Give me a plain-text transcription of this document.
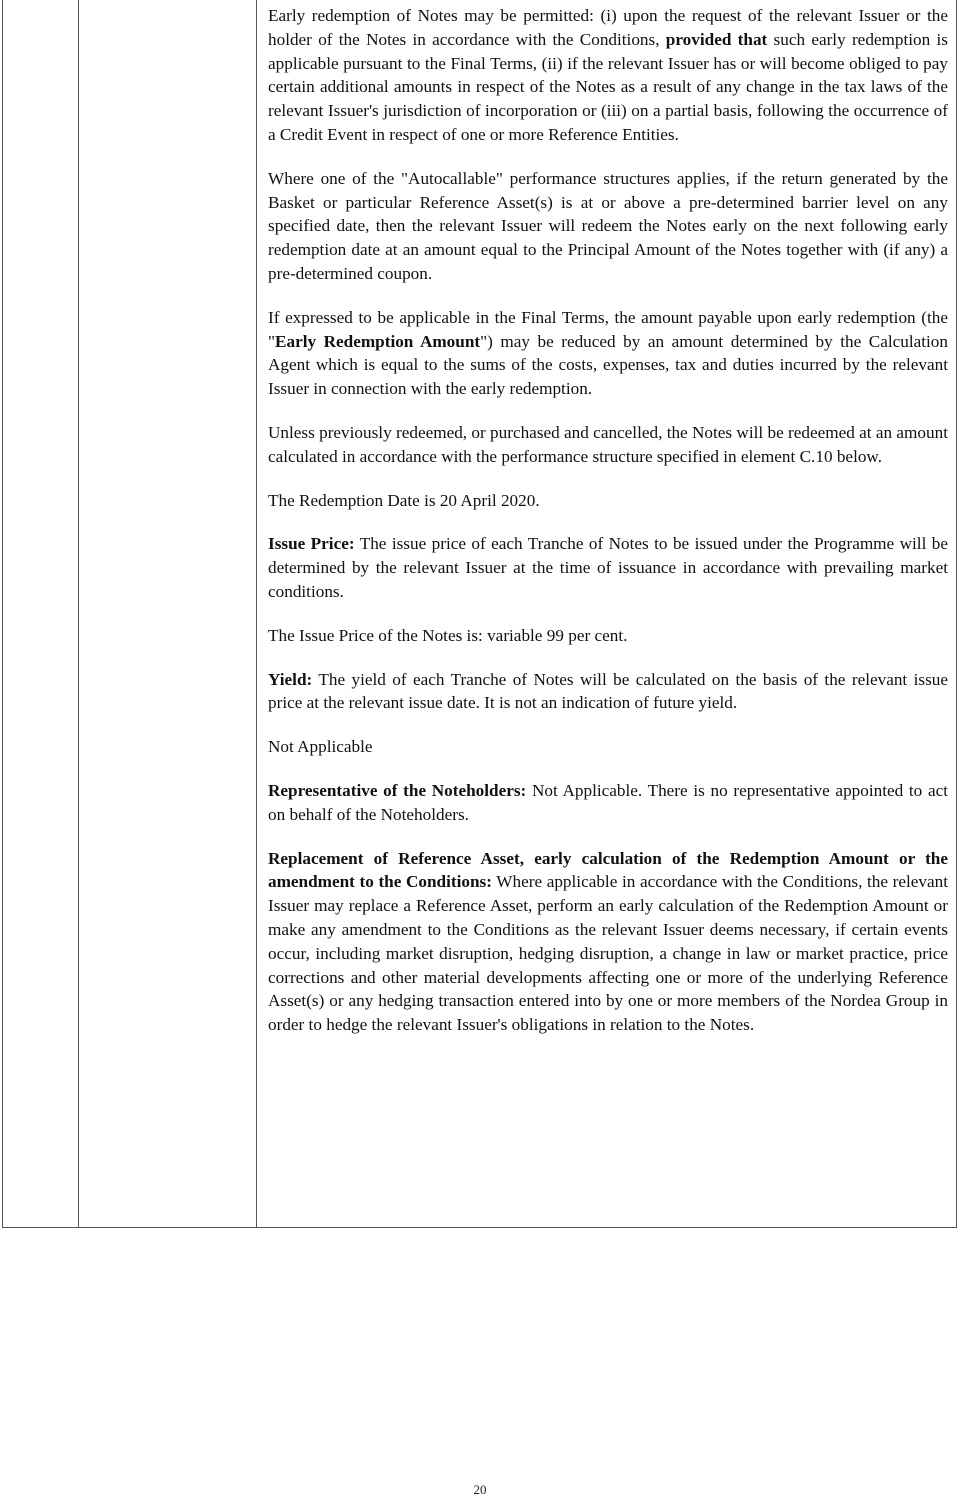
Early redemption of Notes may be permitted: (i) upon the request of the relevant Issuer or the holder of the Notes in accordance with the Conditions, provided that such early redemption is applicable pursuant to the Final Terms, (ii) if the relevant Issuer has or will become obliged to pay certain additional amounts in respect of the Notes as a result of any change in the tax laws of the relevant Issuer's jurisdiction of incorporation or (iii) on a partial basis, following the occurrence of a Credit Event in respect of one or more Reference Entities.

Where one of the "Autocallable" performance structures applies, if the return generated by the Basket or particular Reference Asset(s) is at or above a pre-determined barrier level on any specified date, then the relevant Issuer will redeem the Notes early on the next following early redemption date at an amount equal to the Principal Amount of the Notes together with (if any) a pre-determined coupon.

If expressed to be applicable in the Final Terms, the amount payable upon early redemption (the "Early Redemption Amount") may be reduced by an amount determined by the Calculation Agent which is equal to the sums of the costs, expenses, tax and duties incurred by the relevant Issuer in connection with the early redemption.

Unless previously redeemed, or purchased and cancelled, the Notes will be redeemed at an amount calculated in accordance with the performance structure specified in element C.10 below.

The Redemption Date is 20 April 2020.

Issue Price: The issue price of each Tranche of Notes to be issued under the Programme will be determined by the relevant Issuer at the time of issuance in accordance with prevailing market conditions.

The Issue Price of the Notes is: variable 99 per cent.

Yield: The yield of each Tranche of Notes will be calculated on the basis of the relevant issue price at the relevant issue date. It is not an indication of future yield.

Not Applicable

Representative of the Noteholders: Not Applicable. There is no representative appointed to act on behalf of the Noteholders.

Replacement of Reference Asset, early calculation of the Redemption Amount or the amendment to the Conditions: Where applicable in accordance with the Conditions, the relevant Issuer may replace a Reference Asset, perform an early calculation of the Redemption Amount or make any amendment to the Conditions as the relevant Issuer deems necessary, if certain events occur, including market disruption, hedging disruption, a change in law or market practice, price corrections and other material developments affecting one or more of the underlying Reference Asset(s) or any hedging transaction entered into by one or more members of the Nordea Group in order to hedge the relevant Issuer's obligations in relation to the Notes.

20
